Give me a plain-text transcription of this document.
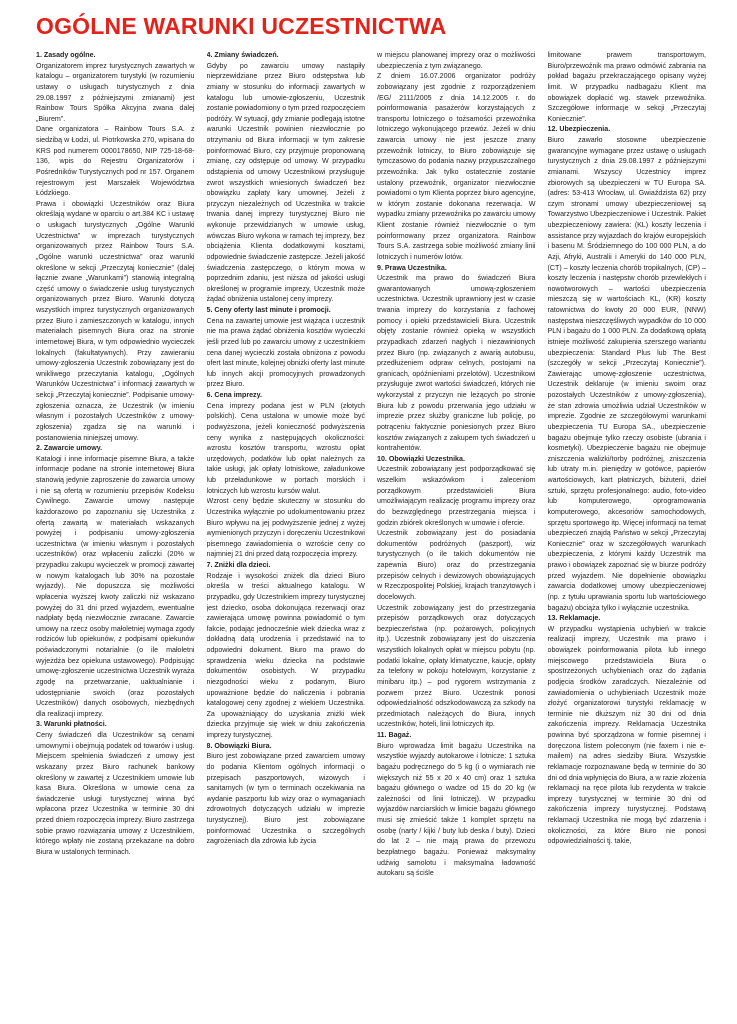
OGÓLNE WARUNKI UCZESTNICTWA
1. Zasady ogólne.

Organizatorem imprez turystycznych zawartych w katalogu – organizatorem turystyki (w rozumieniu ustawy o usługach turystycznych z dnia 29.08.1997 z późniejszymi zmianami) jest Rainbow Tours Spółka Akcyjna zwana dalej „Biurem”.

Dane organizatora – Rainbow Tours S.A. z siedzibą w Łodzi, ul. Piotrkowska 270, wpisana do KRS pod numerem 0000178650, NIP 725-18-68-136, wpis do Rejestru Organizatorów i Pośredników Turystycznych pod nr 157. Organem rejestrowym jest Marszałek Województwa Łódzkiego.

Prawa i obowiązki Uczestników oraz Biura określają wydane w oparciu o art.384 KC i ustawę o usługach turystycznych „Ogólne Warunki Uczestnictwa” w imprezach turystycznych organizowanych przez Rainbow Tours S.A. „Ogólne warunki uczestnictwa” oraz warunki określone w sekcji „Przeczytaj koniecznie” (dalej łącznie zwane „Warunkami”) stanowią integralną część umowy o świadczenie usług turystycznych organizowanych przez Biuro. Warunki dotyczą wszystkich imprez turystycznych organizowanych przez Biuro i zamieszczonych w katalogu, innych materiałach pisemnych Biura oraz na stronie internetowej Biura, w tym odpowiednio wycieczek lokalnych (fakultatywnych). Przy zawieraniu umowy-zgłoszenia Uczestnik zobowiązany jest do wnikliwego przeczytania katalogu, „Ogólnych Warunków Uczestnictwa” i informacji zawartych w sekcji „Przeczytaj koniecznie”. Podpisanie umowy-zgłoszenia oznacza, że Uczestnik (w imieniu własnym i pozostałych Uczestników z umowy-zgłoszenia) zgadza się na warunki i postanowienia niniejszej umowy.

2. Zawarcie umowy.

Katalogi i inne informacje pisemne Biura, a także informacje podane na stronie internetowej Biura stanowią jedynie zaproszenie do zawarcia umowy i nie są ofertą w rozumieniu przepisów Kodeksu Cywilnego. Zawarcie umowy następuje każdorazowo po zapoznaniu się Uczestnika z ofertą zawartą w materiałach wskazanych powyżej i podpisaniu umowy-zgłoszenia uczestnictwa (w imieniu własnym i pozostałych uczestników) oraz wpłaceniu zaliczki (20% w przypadku zakupu wycieczek w promocji zawartej w nowym katalogach lub 30% na pozostałe wyjazdy). Nie dopuszcza się możliwości wpłacenia wyższej kwoty zaliczki niż wskazano powyżej do 31 dni przed wyjazdem, ewentualne nadpłaty będą niezwłocznie zwracane. Zawarcie umowy na rzecz osoby małoletniej wymaga zgody rodziców lub opiekunów, z podpisami opiekunów poświadczonymi notarialnie (o ile małoletni wyjeżdża bez opiekuna ustawowego). Podpisując umowę-zgłoszenie uczestnictwa Uczestnik wyraża zgodę na przetwarzanie, uaktualnianie i udostępnianie swoich (oraz pozostałych Uczestników) danych osobowych, niezbędnych dla realizacji imprezy.

3. Warunki płatności.

Ceny świadczeń dla Uczestników są cenami umownymi i obejmują podatek od towarów i usług. Miejscem spełnienia świadczeń z umowy jest wskazany przez Biuro rachunek bankowy określony w zawartej z Uczestnikiem umowie lub kasa Biura. Określona w umowie cena za świadczenie usługi turystycznej winna być wpłacona przez Uczestnika w terminie 30 dni przed dniem rozpoczęcia imprezy. Biuro zastrzega sobie prawo rozwiązania umowy z Uczestnikiem, którego wpłaty nie zostaną przekazane na dobro Biura w ustalonych terminach.

4. Zmiany świadczeń.

Gdyby po zawarciu umowy nastąpiły nieprzewidziane przez Biuro odstępstwa lub zmiany w stosunku do informacji zawartych w katalogu lub umowie-zgłoszeniu, Uczestnik zostanie powiadomiony o tym przed rozpoczęciem podróży. W sytuacji, gdy zmianie podlegają istotne warunki Uczestnik powinien niezwłocznie po otrzymaniu od Biura informacji w tym zakresie poinformować Biuro, czy przyjmuje proponowaną zmianę, czy odstępuje od umowy. W przypadku odstąpienia od umowy Uczestnikowi przysługuje zwrot wszystkich wniesionych świadczeń bez obowiązku zapłaty kary umownej. Jeżeli z przyczyn niezależnych od Uczestnika w trakcie trwania danej imprezy turystycznej Biuro nie wykonuje przewidzianych w umowie usług, wówczas Biuro wykona w ramach tej imprezy, bez obciążenia Klienta dodatkowymi kosztami, odpowiednie świadczenie zastępcze. Jeżeli jakość świadczenia zastępczego, o którym mowa w poprzednim zdaniu, jest niższa od jakości usługi określonej w programie imprezy, Uczestnik może żądać obniżenia ustalonej ceny imprezy.

5. Ceny oferty last minute i promocji.

Cena na zawartej umowie jest wiążąca i uczestnik nie ma prawa żądać obniżenia kosztów wycieczki jeśli przed lub po zawarciu umowy z uczestnikiem cena danej wycieczki została obniżona z powodu ofert last minute, kolejnej obniżki oferty last minute lub innych akcji promocyjnych prowadzonych przez Biuro.

6. Cena imprezy.

Cena imprezy podana jest w PLN (złotych polskich). Cena ustalona w umowie może być podwyższona, jeżeli konieczność podwyższenia ceny wynika z następujących okoliczności: wzrostu kosztów transportu, wzrostu opłat urzędowych, podatków lub opłat należnych za takie usługi, jak opłaty lotniskowe, załadunkowe lub przeładunkowe w portach morskich i lotniczych lub wzrostu kursów walut.

Wzrost ceny będzie skuteczny w stosunku do Uczestnika wyłącznie po udokumentowaniu przez Biuro wpływu na jej podwyższenie jednej z wyżej wymienionych przyczyn i doręczeniu Uczestnikowi pisemnego zawiadomienia o wzroście ceny co najmniej 21 dni przed datą rozpoczęcia imprezy.

7. Zniżki dla dzieci.

Rodzaje i wysokości zniżek dla dzieci Biuro określa w treści aktualnego katalogu. W przypadku, gdy Uczestnikiem imprezy turystycznej jest dziecko, osoba dokonująca rezerwacji oraz zawierająca umowę powinna powiadomić o tym fakcie, podając jednocześnie wiek dziecka wraz z dokładną datą urodzenia i przedstawić na to odpowiedni dokument. Biuro ma prawo do sprawdzenia wieku dziecka na podstawie dokumentów osobistych. W przypadku niezgodności wieku z podanym, Biuro upoważnione będzie do naliczenia i pobrania katalogowej ceny zgodnej z wiekiem Uczestnika. Za upoważniający do uzyskania zniżki wiek dziecka przyjmuje się wiek w dniu zakończenia imprezy turystycznej.

8. Obowiązki Biura.

Biuro jest zobowiązane przed zawarciem umowy do podania Klientom ogólnych informacji o przepisach paszportowych, wizowych i sanitarnych (w tym o terminach oczekiwania na wydanie paszportu lub wizy oraz o wymaganiach zdrowotnych dotyczących udziału w imprezie turystycznej). Biuro jest zobowiązane poinformować Uczestnika o szczególnych zagrożeniach dla zdrowia lub życia

w miejscu planowanej imprezy oraz o możliwości ubezpieczenia z tym związanego.

Z dniem 16.07.2006 organizator podróży zobowiązany jest zgodnie z rozporządzeniem /EG/ 2111/2005 z dnia 14.12.2005 r. do poinformowania pasażerów korzystających z transportu lotniczego o tożsamości przewoźnika lotniczego wykonującego przewóz. Jeżeli w dniu zawarcia umowy nie jest jeszcze znany przewoźnik lotniczy, to Biuro zobowiązuje się tymczasowo do podania nazwy przypuszczalnego przewoźnika. Jak tylko ostatecznie zostanie ustalony przewoźnik, organizator niezwłocznie powiadomi o tym Klienta poprzez biuro agencyjne, w którym zostanie dokonana rezerwacja. W wypadku zmiany przewoźnika po zawarciu umowy Klient zostanie również niezwłocznie o tym poinformowany przez organizatora. Rainbow Tours S.A. zastrzega sobie możliwość zmiany linii lotniczych i numerów lotów.

9. Prawa Uczestnika.

Uczestnik ma prawo do świadczeń Biura gwarantowanych umową-zgłoszeniem uczestnictwa. Uczestnik uprawniony jest w czasie trwania imprezy do korzystania z fachowej pomocy i opieki przedstawicieli Biura. Uczestnik objęty zostanie również opieką w wszystkich przypadkach zdarzeń nagłych i niezawinionych przez Biuro (np. związanych z awarią autobusu, przedłużeniem odpraw celnych, postojami na granicach, opóźnieniami przelotów). Uczestnikowi przysługuje zwrot wartości świadczeń, których nie wykorzystał z przyczyn nie leżących po stronie Biura lub z powodu przerwania jego udziału w imprezie przez służby graniczne lub policję, po potrąceniu faktycznie poniesionych przez Biuro kosztów związanych z zakupem tych świadczeń u kontrahentów.

10. Obowiązki Uczestnika.

Uczestnik zobowiązany jest podporządkować się wszelkim wskazówkom i zaleceniom porządkowym przedstawicieli Biura umożliwiającym realizację programu imprezy oraz do bezwzględnego przestrzegania miejsca i godzin zbiórek określonych w umowie i ofercie.

Uczestnik zobowiązany jest do posiadania dokumentów podróżnych (paszport), wiz turystycznych (o ile takich dokumentów nie zapewnia Biuro) oraz do przestrzegania przepisów celnych i dewizowych obowiązujących w Rzeczpospolitej Polskiej, krajach tranzytowych i docelowych.

Uczestnik zobowiązany jest do przestrzegania przepisów porządkowych oraz dotyczących bezpieczeństwa (np. pożarowych, policyjnych itp.). Uczestnik zobowiązany jest do uiszczenia wszystkich lokalnych opłat w miejscu pobytu (np. podatki lokalne, opłaty klimatyczne, kaucje, opłaty za telefony w pokoju hotelowym, korzystanie z minibaru itp.) – pod rygorem wstrzymania z pozwem przez Biuro. Uczestnik ponosi odpowiedzialność odszkodowawczą za szkody na przedmiotach należących do Biura, innych uczestników, hoteli, linii lotniczych itp.

11. Bagaż.

Biuro wprowadza limit bagażu Uczestnika na wszystkie wyjazdy autokarowe i lotnicze: 1 sztuka bagażu podręcznego do 5 kg (i o wymiarach nie większych niż 55 x 20 x 40 cm) oraz 1 sztuka bagażu głównego o wadze od 15 do 20 kg (w zależności od linii lotniczej). W przypadku wyjazdów narciarskich w limicie bagażu głównego musi się zmieścić także 1 komplet sprzętu na osobę (narty / kijki / buty lub deska / buty). Dzieci do lat 2 – nie mają prawa do przewozu bezpłatnego bagażu. Ponieważ maksymalny udźwig samolotu i maksymalna ładowność autokaru są ściśle

limitowane prawem transportowym, Biuro/przewoźnik ma prawo odmówić zabrania na pokład bagażu przekraczającego opisany wyżej limit. W przypadku nadbagażu Klient ma obowiązek dopłacić wg. stawek przewoźnika. Szczegółowe informacje w sekcji „Przeczytaj Koniecznie”.

12. Ubezpieczenia.

Biuro zawarło stosowne ubezpieczenie gwarancyjne wymagane przez ustawę o usługach turystycznych z dnia 29.08.1997 z późniejszymi zmianami. Wszyscy Uczestnicy imprez zbiorowych są ubezpieczeni w TU Europa SA. (adres: 53-413 Wrocław, ul. Gwiaździsta 62) przy czym stronami umowy ubezpieczeniowej są Towarzystwo Ubezpieczeniowe i Uczestnik. Pakiet ubezpieczeniowy zawiera: (KL) koszty leczenia i assistance przy wyjazdach do krajów europejskich i basenu M. Śródziemnego do 100 000 PLN, a do Azji, Afryki, Australii i Ameryki do 140 000 PLN, (CT) – koszty leczenia chorób tropikalnych, (CP) – koszty leczenia i następstw chorób przewlekłych i nowotworowych – wartości ubezpieczenia mieszczą się w wartościach KL, (KR) koszty ratownictwa do kwoty 20 000 EUR, (NNW) następstwa nieszczęśliwych wypadków do 10 000 PLN i bagażu do 1 000 PLN. Za dodatkową opłatą istnieje możliwość zakupienia szerszego wariantu ubezpieczenia: Standard Plus lub The Best (szczegóły w sekcji „Przeczytaj Koniecznie”). Zawierając umowę-zgłoszenie uczestnictwa, Uczestnik deklaruje (w imieniu swoim oraz pozostałych Uczestników z umowy-zgłoszenia), że stan zdrowia umożliwia udział Uczestników w imprezie. Zgodnie ze szczegółowymi warunkami ubezpieczenia TU Europa SA., ubezpieczenie bagażu obejmuje tylko rzeczy osobiste (ubrania i kosmetyki). Ubezpieczenie bagażu nie obejmuje zniszczenia walizki/torby podróżnej, zniszczenia lub utraty m.in. pieniędzy w gotówce, papierów wartościowych, kart płatniczych, biżuterii, dzieł sztuki, sprzętu profesjonalnego: audio, foto-video lub komputerowego, oprogramowania komputerowego, akcesoriów samochodowych, sprzętu sportowego itp. Więcej informacji na temat ubezpieczeń znajdą Państwo w sekcji „Przeczytaj Koniecznie” oraz w szczegółowych warunkach ubezpieczenia, z którymi każdy Uczestnik ma prawo i obowiązek zapoznać się w biurze podróży przed wyjazdem. Nie dopełnienie obowiązku zawarcia dodatkowej umowy ubezpieczeniowej (np. z tytułu uprawiania sportu lub wartościowego bagażu) obciąża tylko i wyłącznie uczestnika.

13. Reklamacje.

W przypadku wystąpienia uchybień w trakcie realizacji imprezy, Uczestnik ma prawo i obowiązek poinformowania pilota lub innego miejscowego przedstawiciela Biura o spostrzeżonych uchybieniach oraz do żądania podjęcia środków zaradczych. Niezależnie od zawiadomienia o uchybieniach Uczestnik może złożyć organizatorowi turystyki reklamację w terminie nie dłuższym niż 30 dni od dnia zakończenia imprezy. Reklamacja Uczestnika powinna być sporządzona w formie pisemnej i doręczona listem poleconym (nie faxem i nie e-mailem) na adres siedziby Biura. Wszystkie reklamacje rozpoznawane będą w terminie do 30 dni od dnia wpłynięcia do Biura, a w razie złożenia reklamacji na ręce pilota lub rezydenta w trakcie imprezy turystycznej w terminie 30 dni od zakończenia imprezy turystycznej. Podstawą reklamacji Uczestnika nie mogą być zdarzenia i okoliczności, za które Biuro nie ponosi odpowiedzialności tj. takie,
